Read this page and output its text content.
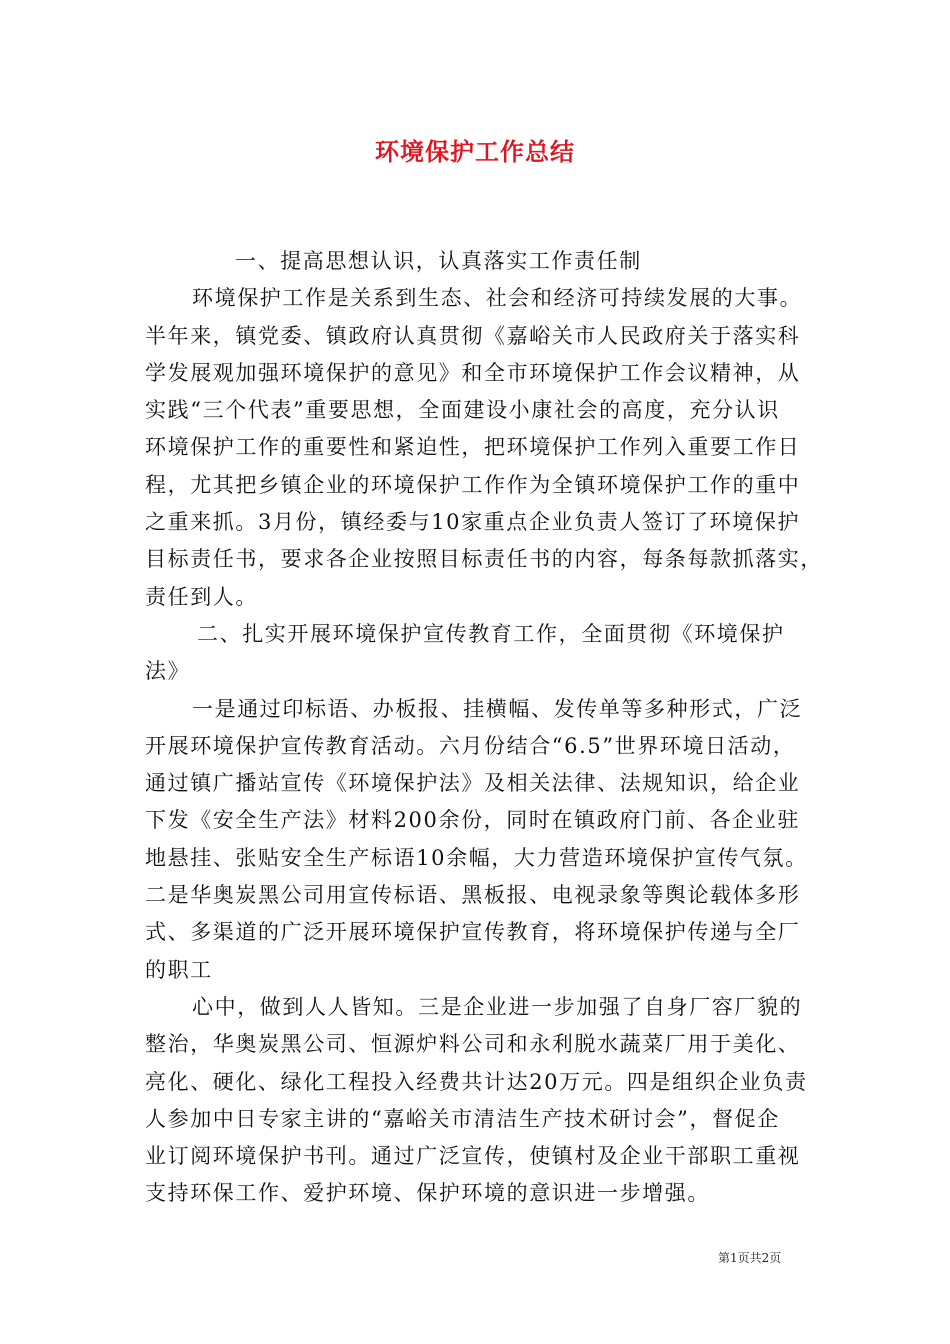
环境保护工作总结
一、提高思想认识，认真落实工作责任制
环境保护工作是关系到生态、社会和经济可持续发展的大事。
半年来，镇党委、镇政府认真贯彻《嘉峪关市人民政府关于落实科
学发展观加强环境保护的意见》和全市环境保护工作会议精神，从
实践“三个代表”重要思想，全面建设小康社会的高度，充分认识
环境保护工作的重要性和紧迫性，把环境保护工作列入重要工作日
程，尤其把乡镇企业的环境保护工作作为全镇环境保护工作的重中
之重来抓。3月份，镇经委与10家重点企业负责人签订了环境保护
目标责任书，要求各企业按照目标责任书的内容，每条每款抓落实，
责任到人。
二、扎实开展环境保护宣传教育工作，全面贯彻《环境保护
法》
一是通过印标语、办板报、挂横幅、发传单等多种形式，广泛
开展环境保护宣传教育活动。六月份结合“6.5”世界环境日活动，
通过镇广播站宣传《环境保护法》及相关法律、法规知识，给企业
下发《安全生产法》材料200余份，同时在镇政府门前、各企业驻
地悬挂、张贴安全生产标语10余幅，大力营造环境保护宣传气氛。
二是华奥炭黑公司用宣传标语、黑板报、电视录象等舆论载体多形
式、多渠道的广泛开展环境保护宣传教育，将环境保护传递与全厂
的职工
心中，做到人人皆知。三是企业进一步加强了自身厂容厂貌的
整治，华奥炭黑公司、恒源炉料公司和永利脱水蔬菜厂用于美化、
亮化、硬化、绿化工程投入经费共计达20万元。四是组织企业负责
人参加中日专家主讲的“嘉峪关市清洁生产技术研讨会”，督促企
业订阅环境保护书刊。通过广泛宣传，使镇村及企业干部职工重视
支持环保工作、爱护环境、保护环境的意识进一步增强。
第1页共2页
